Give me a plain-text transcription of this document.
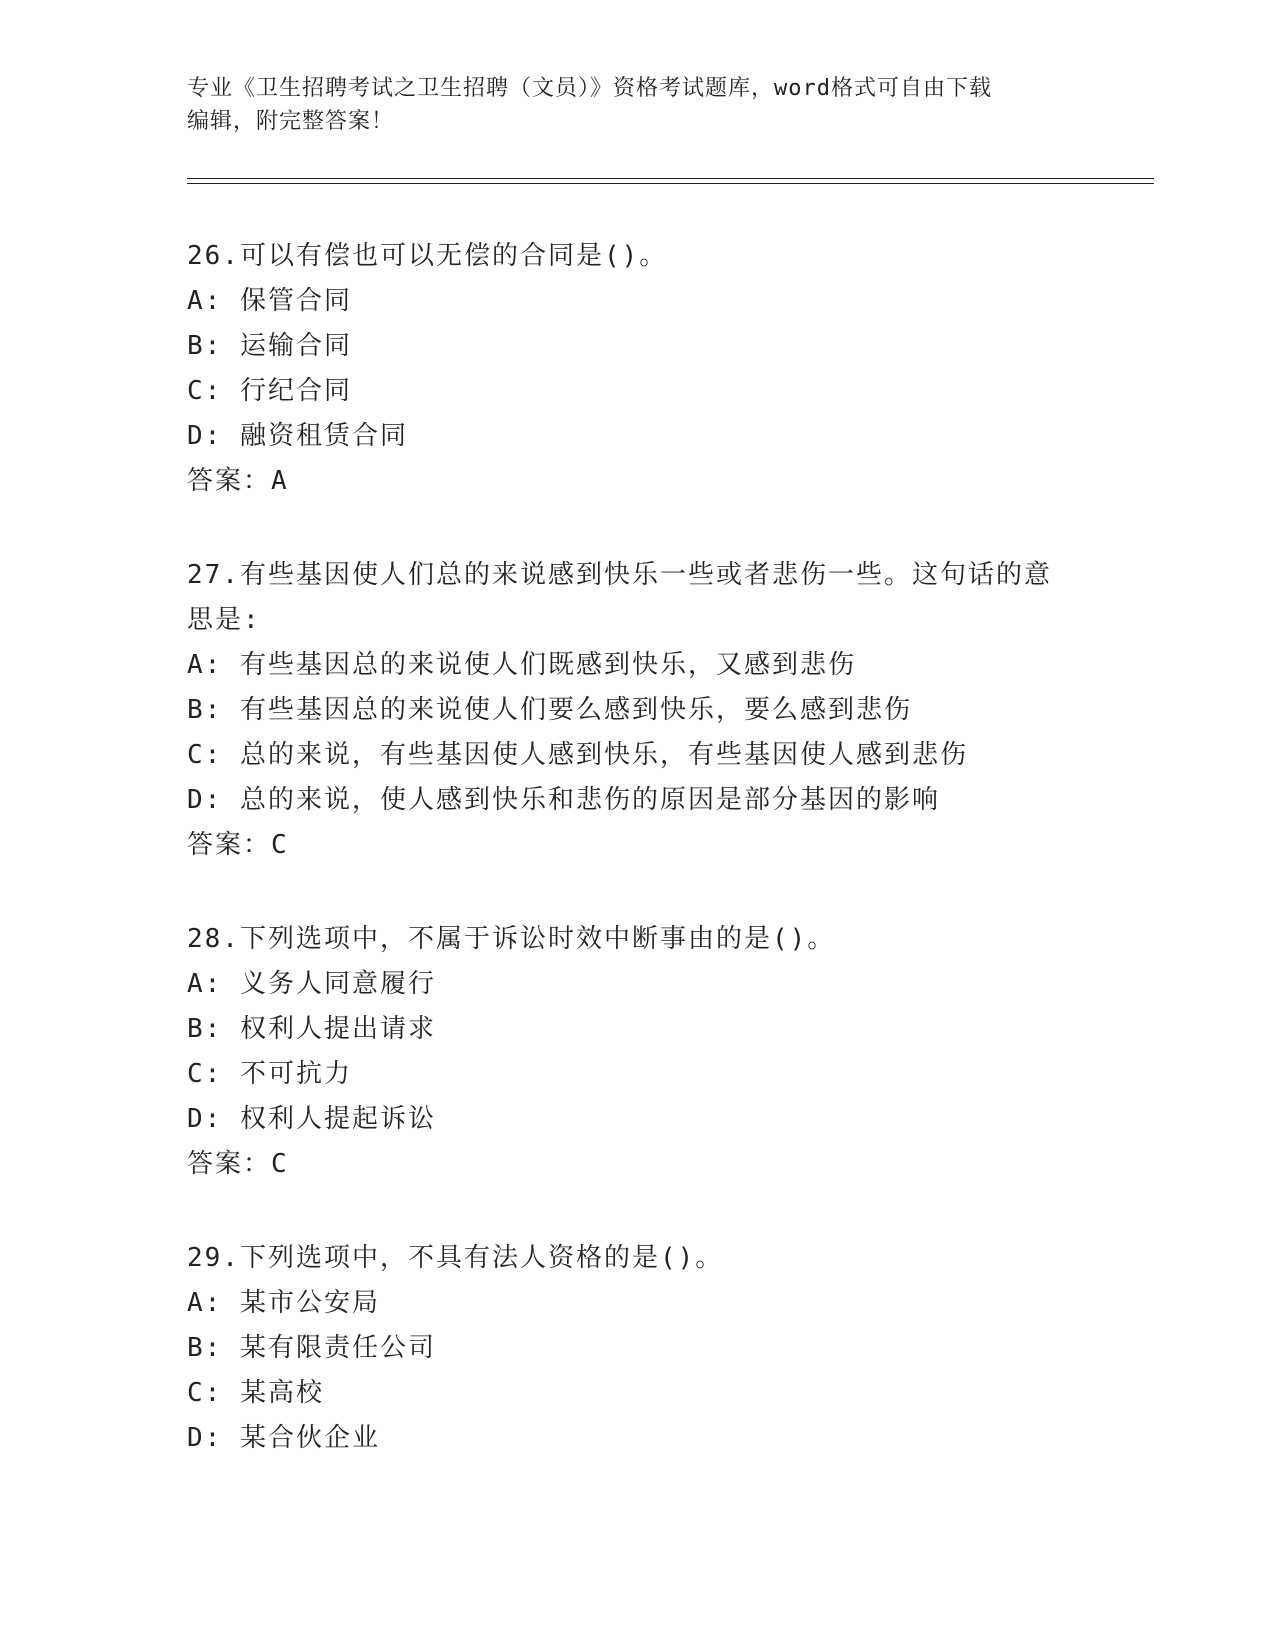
专业《卫生招聘考试之卫生招聘（文员）》资格考试题库，word格式可自由下载
编辑，附完整答案！

26.可以有偿也可以无偿的合同是()。

A: 保管合同

B: 运输合同

C: 行纪合同

D: 融资租赁合同

答案：A

27.有些基因使人们总的来说感到快乐一些或者悲伤一些。这句话的意

思是:

A: 有些基因总的来说使人们既感到快乐，又感到悲伤

B: 有些基因总的来说使人们要么感到快乐，要么感到悲伤

C: 总的来说，有些基因使人感到快乐，有些基因使人感到悲伤

D: 总的来说，使人感到快乐和悲伤的原因是部分基因的影响

答案：C

28.下列选项中，不属于诉讼时效中断事由的是()。

A: 义务人同意履行

B: 权利人提出请求

C: 不可抗力

D: 权利人提起诉讼

答案：C

29.下列选项中，不具有法人资格的是()。

A: 某市公安局

B: 某有限责任公司

C: 某高校

D: 某合伙企业
